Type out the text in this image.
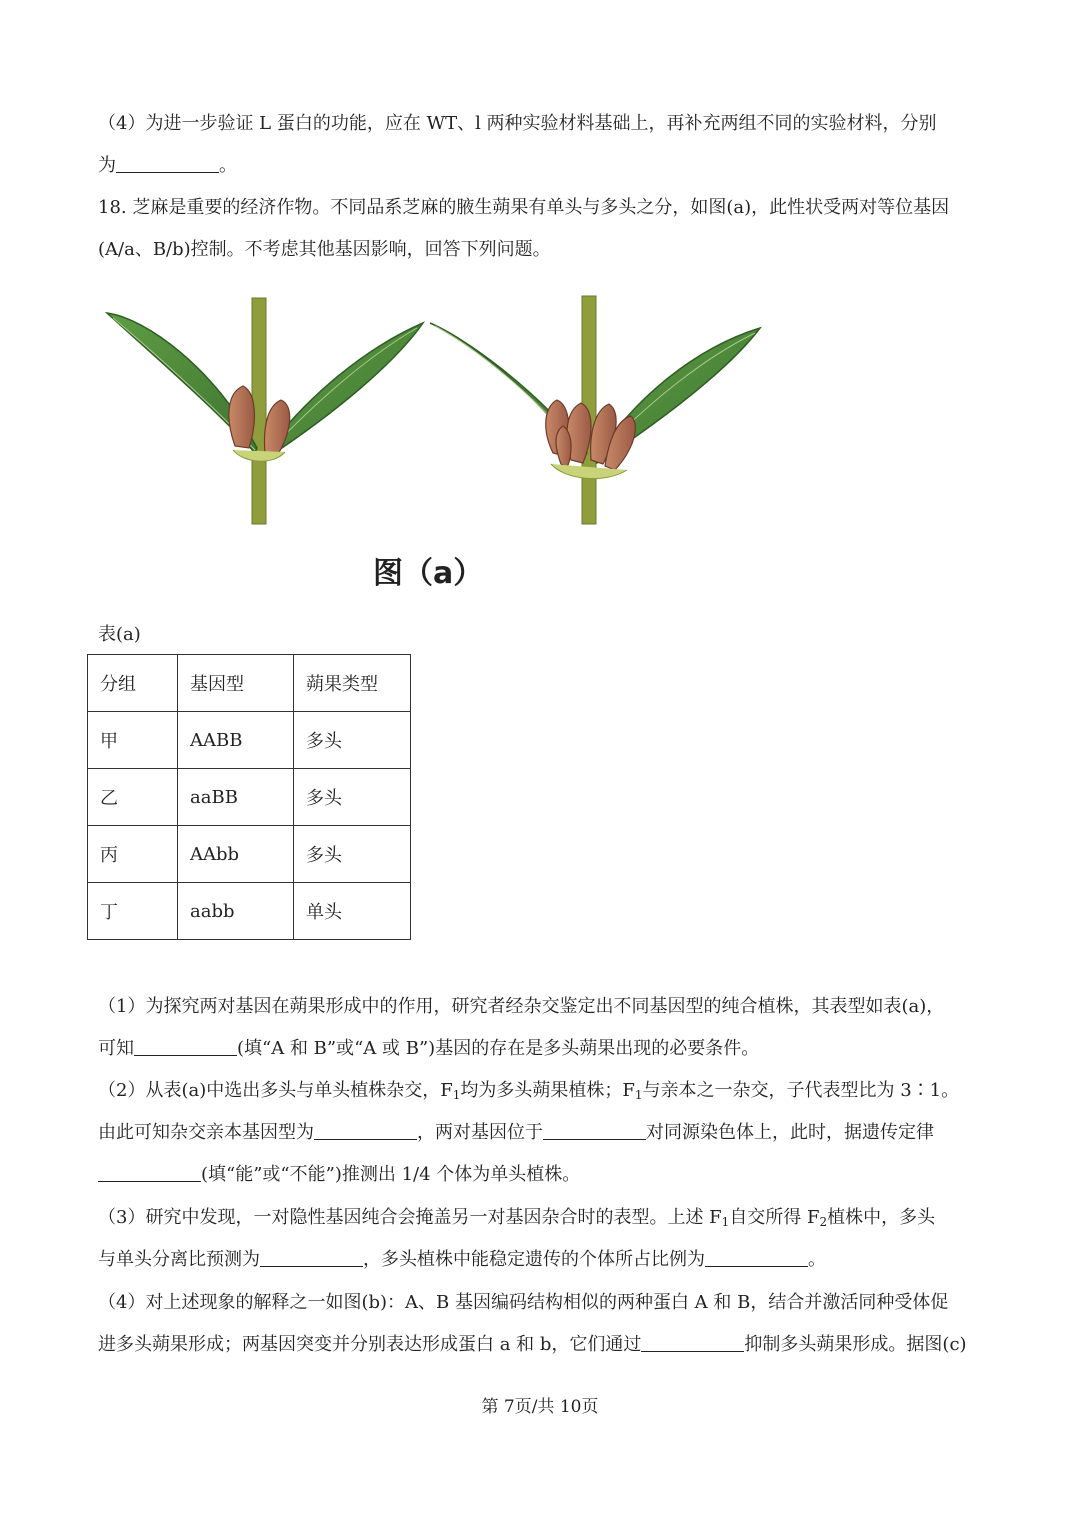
（4）为进一步验证 L 蛋白的功能，应在 WT、l 两种实验材料基础上，再补充两组不同的实验材料，分别
为	。
18. 芝麻是重要的经济作物。不同品系芝麻的腋生蒴果有单头与多头之分，如图(a)，此性状受两对等位基因
(A/a、B/b)控制。不考虑其他基因影响，回答下列问题。
图（a）
表(a)
分组	基因型	蒴果类型
甲	AABB	多头
乙	aaBB	多头
丙	AAbb	多头
丁	aabb	单头
（1）为探究两对基因在蒴果形成中的作用，研究者经杂交鉴定出不同基因型的纯合植株，其表型如表(a)，
可知	(填“A 和 B”或“A 或 B”)基因的存在是多头蒴果出现的必要条件。
（2）从表(a)中选出多头与单头植株杂交，$F_1$均为多头蒴果植株；$F_1$与亲本之一杂交，子代表型比为 3∶1。
由此可知杂交亲本基因型为	，两对基因位于	对同源染色体上，此时，据遗传定律
(填“能”或“不能”)推测出 1/4 个体为单头植株。
（3）研究中发现，一对隐性基因纯合会掩盖另一对基因杂合时的表型。上述 $F_1$自交所得 $F_2$植株中，多头
与单头分离比预测为	，多头植株中能稳定遗传的个体所占比例为	。
（4）对上述现象的解释之一如图(b)：A、B 基因编码结构相似的两种蛋白 A 和 B，结合并激活同种受体促
进多头蒴果形成；两基因突变并分别表达形成蛋白 a 和 b，它们通过	抑制多头蒴果形成。据图(c)
第 7页/共 10页
